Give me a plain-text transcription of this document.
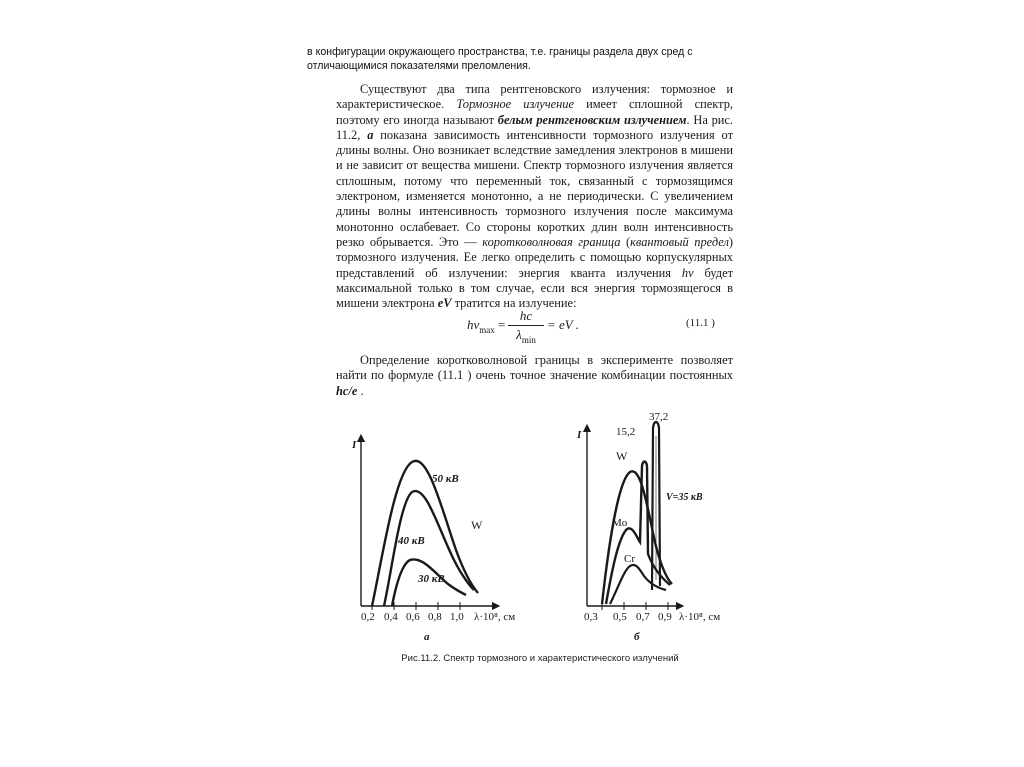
в конфигурации окружающего пространства, т.е. границы раздела двух сред с отличающимися показателями преломления.
Существуют два типа рентгеновского излучения: тормозное и характеристическое. Тормозное излучение имеет сплошной спектр, поэтому его иногда называют белым рентгеновским излучением. На рис. 11.2, а показана зависимость интенсивности тормозного излучения от длины волны. Оно возникает вследствие замедления электронов в мишени и не зависит от вещества мишени. Спектр тормозного излучения является сплошным, потому что переменный ток, связанный с тормозящимся электроном, изменяется монотонно, а не периодически. С увеличением длины волны интенсивность тормозного излучения после максимума монотонно ослабевает. Со стороны коротких длин волн интенсивность резко обрывается. Это — коротковолновая граница (квантовый предел) тормозного излучения. Ее легко определить с помощью корпускулярных представлений об излучении: энергия кванта излучения hν будет максимальной только в том случае, если вся энергия тормозящегося в мишени электрона eV тратится на излучение:
$h\nu_{max}$ =
hc
$\lambda_{min}$
= eV .	(11.1 )
Определение коротковолновой границы в эксперименте позволяет найти по формуле (11.1 ) очень точное значение комбинации постоянных hc/e .
I
50 кВ
40 кВ
30 кВ
W
0,2 0,4 0,6 0,8 1,0 λ·10⁸, см
а
I	15,2
37,2
W
Mo
Cr
V=35 кВ
0,3 0,5 0,7 0,9 λ·10⁸, см
б
Рис.11.2. Спектр тормозного и характеристического излучений
